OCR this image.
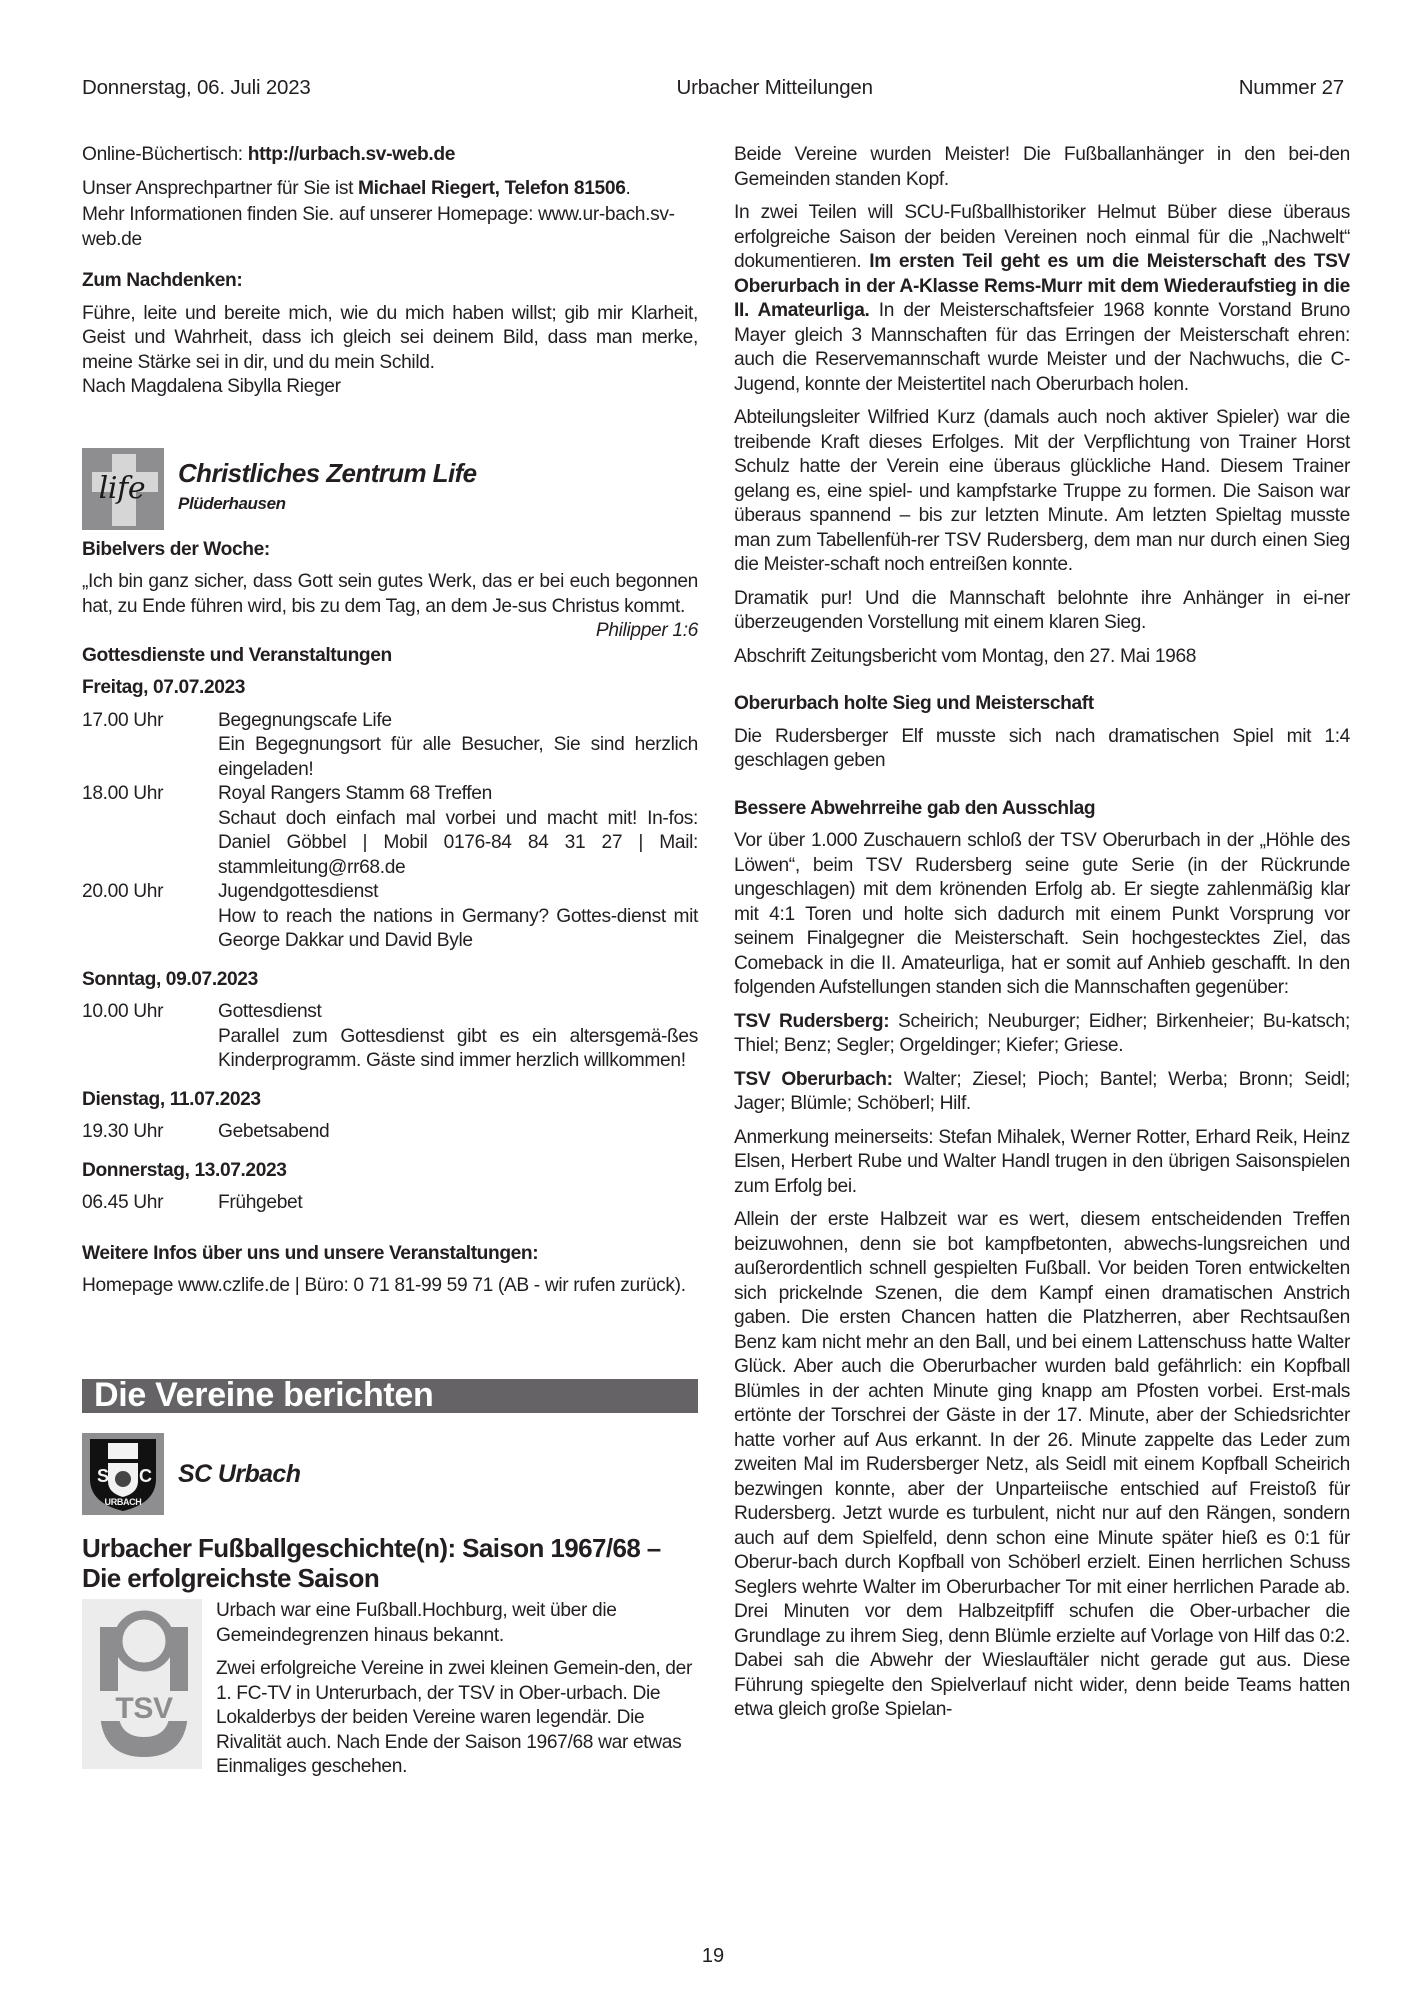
Donnerstag, 06. Juli 2023	Urbacher Mitteilungen	Nummer 27

Online-Büchertisch: http://urbach.sv-web.de

Unser Ansprechpartner für Sie ist Michael Riegert, Telefon 81506.

Mehr Informationen finden Sie. auf unserer Homepage: www.ur-bach.sv-web.de

Zum Nachdenken:

Führe, leite und bereite mich, wie du mich haben willst; gib mir Klarheit, Geist und Wahrheit, dass ich gleich sei deinem Bild, dass man merke, meine Stärke sei in dir, und du mein Schild.

Nach Magdalena Sibylla Rieger

life Christliches Zentrum Life
Plüderhausen
Bibelvers der Woche:

„Ich bin ganz sicher, dass Gott sein gutes Werk, das er bei euch begonnen hat, zu Ende führen wird, bis zu dem Tag, an dem Je-sus Christus kommt.
Philipper 1:6

Gottesdienste und Veranstaltungen
Freitag, 07.07.2023
17.00 Uhr	Begegnungscafe Life

Ein Begegnungsort für alle Besucher, Sie sind herzlich eingeladen!

18.00 Uhr	Royal Rangers Stamm 68 Treffen

Schaut doch einfach mal vorbei und macht mit! In-fos: Daniel Göbbel | Mobil 0176-84 84 31 27 | Mail: stammleitung@rr68.de

20.00 Uhr	Jugendgottesdienst

How to reach the nations in Germany? Gottes-dienst mit George Dakkar und David Byle

Sonntag, 09.07.2023
10.00 Uhr	Gottesdienst

Parallel zum Gottesdienst gibt es ein altersgemä-ßes Kinderprogramm. Gäste sind immer herzlich willkommen!

Dienstag, 11.07.2023
19.30 Uhr	Gebetsabend

Donnerstag, 13.07.2023
06.45 Uhr	Frühgebet

Weitere Infos über uns und unsere Veranstaltungen:

Homepage www.czlife.de | Büro: 0 71 81-99 59 71 (AB - wir rufen zurück).

Die Vereine berichten
S C
URBACH
SC Urbach
Urbacher Fußballgeschichte(n): Saison 1967/68 – Die erfolgreichste Saison
TSV

Urbach war eine Fußball.Hochburg, weit über die Gemeindegrenzen hinaus bekannt.

Zwei erfolgreiche Vereine in zwei kleinen Gemein-den, der 1. FC-TV in Unterurbach, der TSV in Ober-urbach. Die Lokalderbys der beiden Vereine waren legendär. Die Rivalität auch. Nach Ende der Saison 1967/68 war etwas Einmaliges geschehen.

Beide Vereine wurden Meister! Die Fußballanhänger in den bei-den Gemeinden standen Kopf.

In zwei Teilen will SCU-Fußballhistoriker Helmut Büber diese überaus erfolgreiche Saison der beiden Vereinen noch einmal für die „Nachwelt“ dokumentieren. Im ersten Teil geht es um die Meisterschaft des TSV Oberurbach in der A-Klasse Rems-Murr mit dem Wiederaufstieg in die II. Amateurliga. In der Meisterschaftsfeier 1968 konnte Vorstand Bruno Mayer gleich 3 Mannschaften für das Erringen der Meisterschaft ehren: auch die Reservemannschaft wurde Meister und der Nachwuchs, die C-Jugend, konnte der Meistertitel nach Oberurbach holen.

Abteilungsleiter Wilfried Kurz (damals auch noch aktiver Spieler) war die treibende Kraft dieses Erfolges. Mit der Verpflichtung von Trainer Horst Schulz hatte der Verein eine überaus glückliche Hand. Diesem Trainer gelang es, eine spiel- und kampfstarke Truppe zu formen. Die Saison war überaus spannend – bis zur letzten Minute. Am letzten Spieltag musste man zum Tabellenfüh-rer TSV Rudersberg, dem man nur durch einen Sieg die Meister-schaft noch entreißen konnte.

Dramatik pur! Und die Mannschaft belohnte ihre Anhänger in ei-ner überzeugenden Vorstellung mit einem klaren Sieg.

Abschrift Zeitungsbericht vom Montag, den 27. Mai 1968

Oberurbach holte Sieg und Meisterschaft

Die Rudersberger Elf musste sich nach dramatischen Spiel mit 1:4 geschlagen geben

Bessere Abwehrreihe gab den Ausschlag

Vor über 1.000 Zuschauern schloß der TSV Oberurbach in der „Höhle des Löwen“, beim TSV Rudersberg seine gute Serie (in der Rückrunde ungeschlagen) mit dem krönenden Erfolg ab. Er siegte zahlenmäßig klar mit 4:1 Toren und holte sich dadurch mit einem Punkt Vorsprung vor seinem Finalgegner die Meisterschaft. Sein hochgestecktes Ziel, das Comeback in die II. Amateurliga, hat er somit auf Anhieb geschafft. In den folgenden Aufstellungen standen sich die Mannschaften gegenüber:

TSV Rudersberg: Scheirich; Neuburger; Eidher; Birkenheier; Bu-katsch; Thiel; Benz; Segler; Orgeldinger; Kiefer; Griese.

TSV Oberurbach: Walter; Ziesel; Pioch; Bantel; Werba; Bronn; Seidl; Jager; Blümle; Schöberl; Hilf.

Anmerkung meinerseits: Stefan Mihalek, Werner Rotter, Erhard Reik, Heinz Elsen, Herbert Rube und Walter Handl trugen in den übrigen Saisonspielen zum Erfolg bei.

Allein der erste Halbzeit war es wert, diesem entscheidenden Treffen beizuwohnen, denn sie bot kampfbetonten, abwechs-lungsreichen und außerordentlich schnell gespielten Fußball. Vor beiden Toren entwickelten sich prickelnde Szenen, die dem Kampf einen dramatischen Anstrich gaben. Die ersten Chancen hatten die Platzherren, aber Rechtsaußen Benz kam nicht mehr an den Ball, und bei einem Lattenschuss hatte Walter Glück. Aber auch die Oberurbacher wurden bald gefährlich: ein Kopfball Blümles in der achten Minute ging knapp am Pfosten vorbei. Erst-mals ertönte der Torschrei der Gäste in der 17. Minute, aber der Schiedsrichter hatte vorher auf Aus erkannt. In der 26. Minute zappelte das Leder zum zweiten Mal im Rudersberger Netz, als Seidl mit einem Kopfball Scheirich bezwingen konnte, aber der Unparteiische entschied auf Freistoß für Rudersberg. Jetzt wurde es turbulent, nicht nur auf den Rängen, sondern auch auf dem Spielfeld, denn schon eine Minute später hieß es 0:1 für Oberur-bach durch Kopfball von Schöberl erzielt. Einen herrlichen Schuss Seglers wehrte Walter im Oberurbacher Tor mit einer herrlichen Parade ab. Drei Minuten vor dem Halbzeitpfiff schufen die Ober-urbacher die Grundlage zu ihrem Sieg, denn Blümle erzielte auf Vorlage von Hilf das 0:2. Dabei sah die Abwehr der Wieslauftäler nicht gerade gut aus. Diese Führung spiegelte den Spielverlauf nicht wider, denn beide Teams hatten etwa gleich große Spielan-

19
